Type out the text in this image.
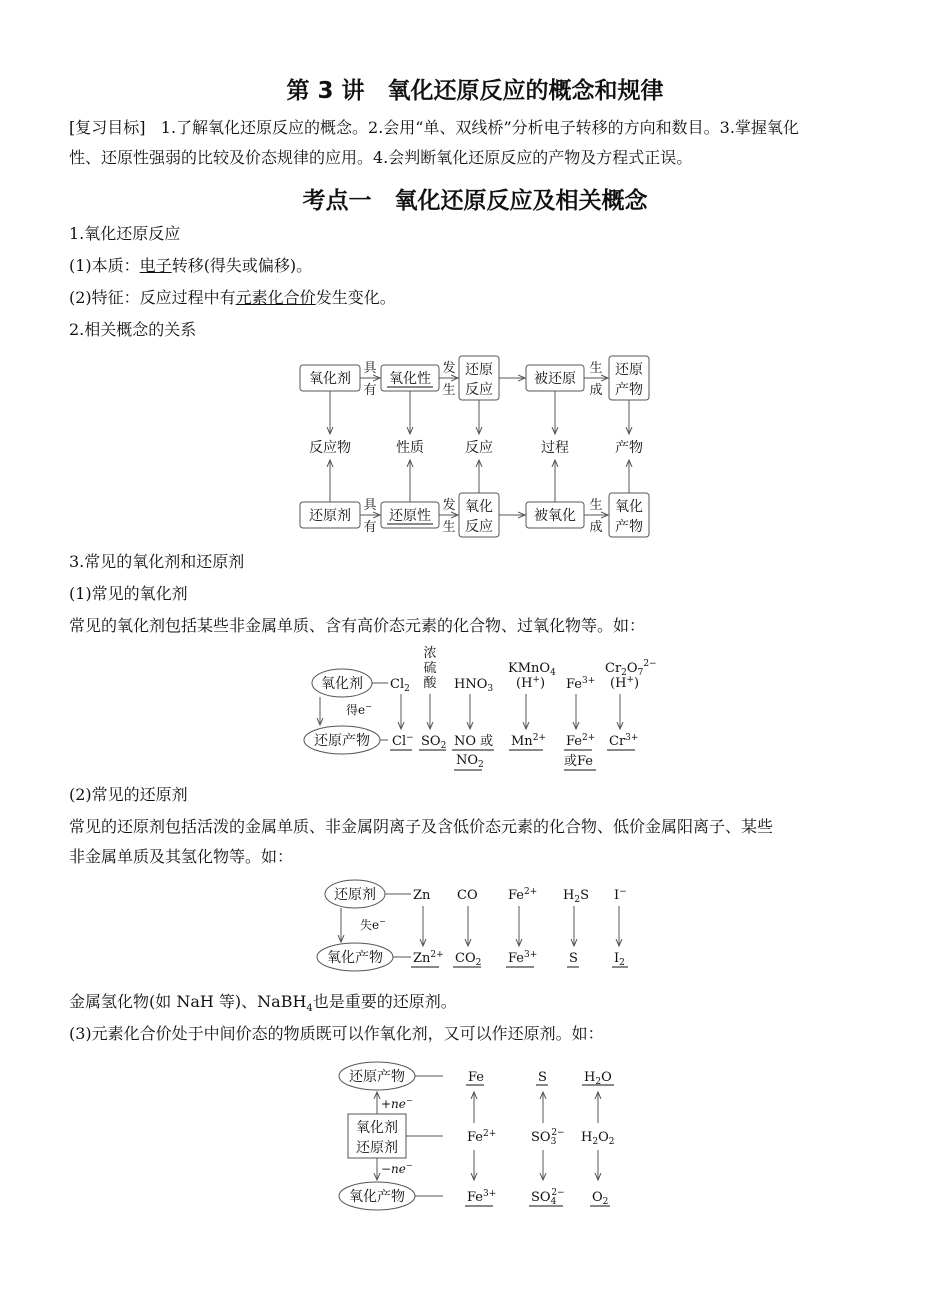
第 3 讲　氧化还原反应的概念和规律
[复习目标] 1.了解氧化还原反应的概念。2.会用“单、双线桥”分析电子转移的方向和数目。3.掌握氧化
性、还原性强弱的比较及价态规律的应用。4.会判断氧化还原反应的产物及方程式正误。
考点一　氧化还原反应及相关概念
1.氧化还原反应
(1)本质：电子转移(得失或偏移)。
(2)特征：反应过程中有元素化合价发生变化。
2.相关概念的关系
氧化剂	氧化性
还原
反应
被还原
还原
产物
具
有
发
生
生
成
反应物	性质	反应	过程	产物
还原剂	还原性
氧化
反应
被氧化
氧化
产物
具
有
发
生
生
成
3.常见的氧化剂和还原剂
(1)常见的氧化剂
常见的氧化剂包括某些非金属单质、含有高价态元素的化合物、过氧化物等。如：
氧化剂
还原产物
得e−
$Cl_2$
Cl−
浓
硫
酸
$SO_2$
$HNO_3$
NO 或
$NO_2$
KMnO$_4$
(H+)
$Mn^{2+}$
$Fe^{3+}$
$Fe^{2+}$
或Fe
$Cr_2O_7^{2-}$
(H+)
$Cr^{3+}$
(2)常见的还原剂
常见的还原剂包括活泼的金属单质、非金属阴离子及含低价态元素的化合物、低价金属阳离子、某些
非金属单质及其氢化物等。如：
还原剂
氧化产物
失e−
Zn
$Zn^{2+}$
CO
$CO_2$
$Fe^{2+}$
$Fe^{3+}$
$H_2S$
S
I−
$I_2$
金属氢化物(如 NaH 等)、NaBH$_4$也是重要的还原剂。
(3)元素化合价处于中间价态的物质既可以作氧化剂，又可以作还原剂。如：
还原产物
氧化剂
还原剂
氧化产物
+ne−
−ne−
Fe
$Fe^{2+}$
$Fe^{3+}$
S
$SO_32-$
$SO_42-$
$H_2O$
$H_2O_2$
$O_2$
